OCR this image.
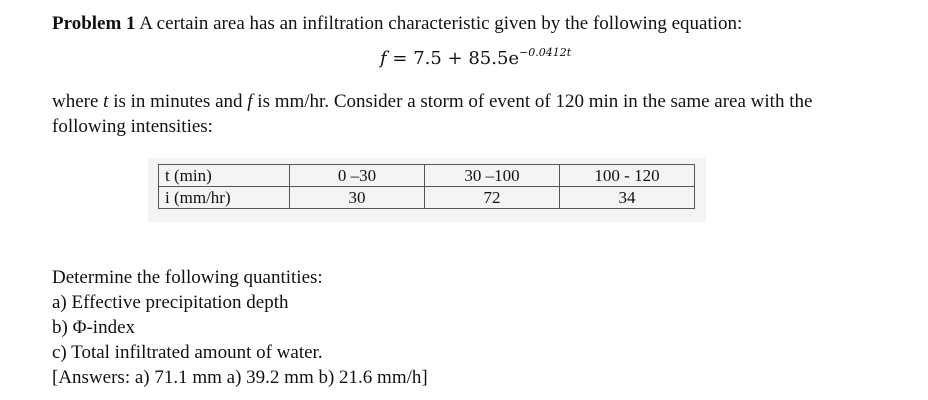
Problem 1 A certain area has an infiltration characteristic given by the following equation:
$f = 7.5 + 85.5e^{-0.0412t}$
where t is in minutes and f is mm/hr. Consider a storm of event of 120 min in the same area with the
following intensities:
t (min)	0 –30	30 –100	100 - 120
i (mm/hr)	30	72	34
Determine the following quantities:
a) Effective precipitation depth
b) Φ-index
c) Total infiltrated amount of water.
[Answers: a) 71.1 mm a) 39.2 mm b) 21.6 mm/h]
